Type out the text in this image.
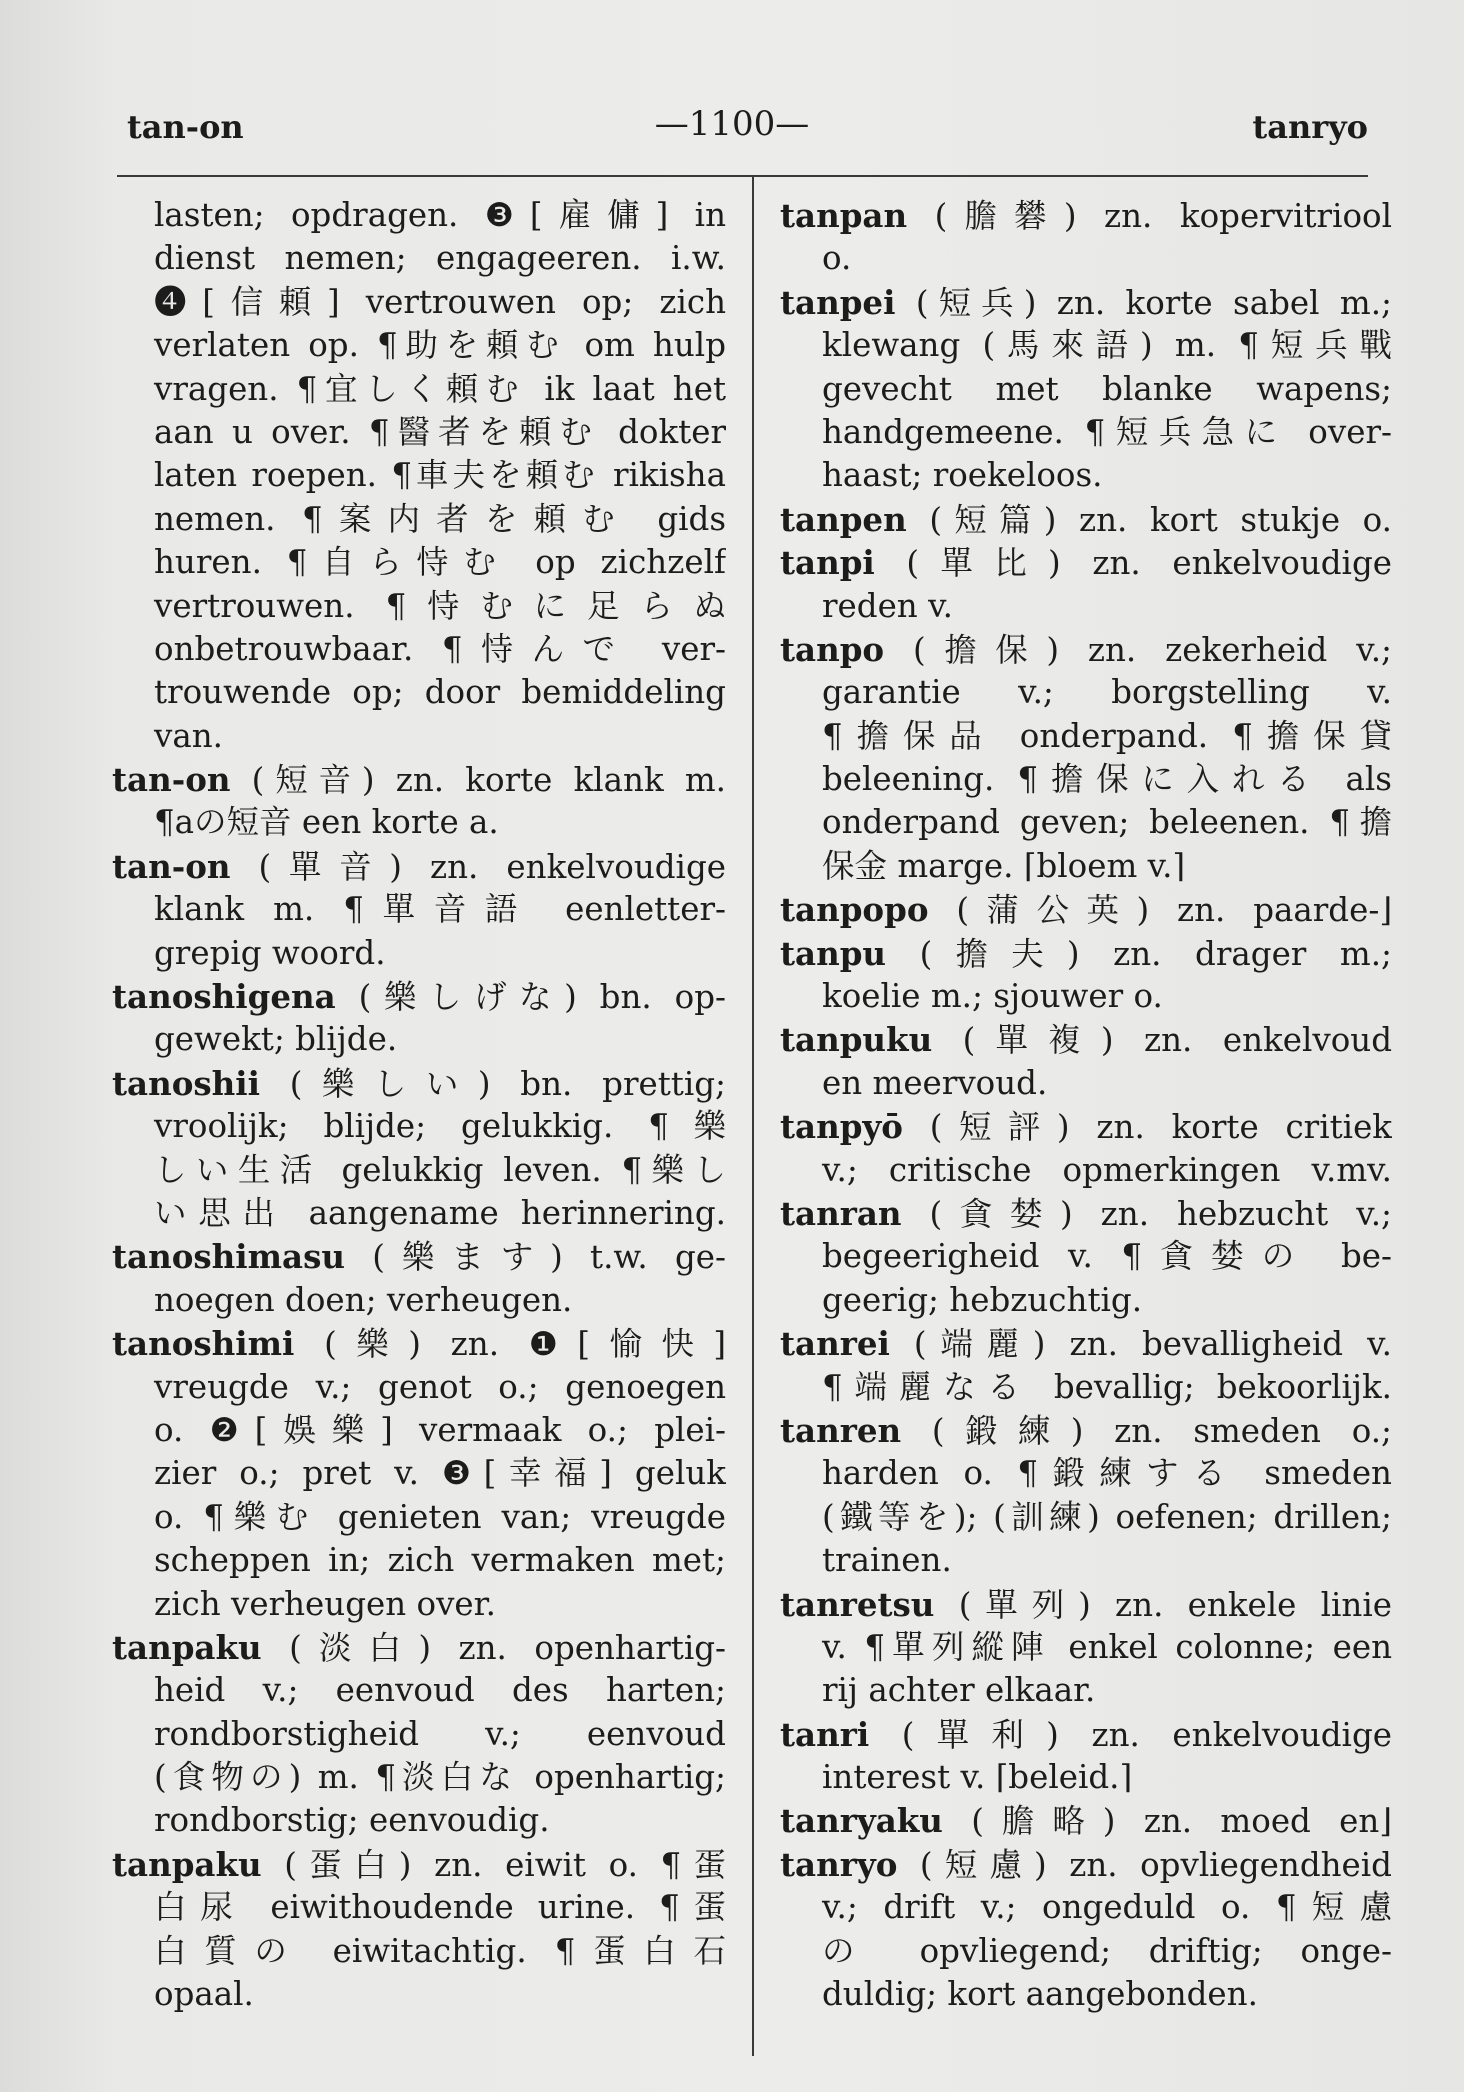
tan-on	—1100—	tanryo
lasten; opdragen. ❸[雇傭] in
dienst nemen; engageeren. i.w.
❹[信頼] vertrouwen op; zich
verlaten op. ¶助を頼む om hulp
vragen. ¶宜しく頼む ik laat het
aan u over. ¶醫者を頼む dokter
laten roepen. ¶車夫を頼む rikisha
nemen. ¶案内者を頼む gids
huren. ¶自ら恃む op zichzelf
vertrouwen. ¶恃むに足らぬ
onbetrouwbaar. ¶恃んで ver-
trouwende op; door bemiddeling
van.
tan-on (短音) zn. korte klank m.
¶aの短音 een korte a.
tan-on (單音) zn. enkelvoudige
klank m. ¶單音語 eenletter-
grepig woord.
tanoshigena (樂しげな) bn. op-
gewekt; blijde.
tanoshii (樂しい) bn. prettig;
vroolijk; blijde; gelukkig. ¶樂
しい生活 gelukkig leven. ¶樂し
い思出 aangename herinnering.
tanoshimasu (樂ます) t.w. ge-
noegen doen; verheugen.
tanoshimi (樂) zn. ❶[愉快]
vreugde v.; genot o.; genoegen
o. ❷[娛樂] vermaak o.; plei-
zier o.; pret v. ❸[幸福] geluk
o. ¶樂む genieten van; vreugde
scheppen in; zich vermaken met;
zich verheugen over.
tanpaku (淡白) zn. openhartig-
heid v.; eenvoud des harten;
rondborstigheid v.; eenvoud
(食物の) m. ¶淡白な openhartig;
rondborstig; eenvoudig.
tanpaku (蛋白) zn. eiwit o. ¶蛋
白尿 eiwithoudende urine. ¶蛋
白質の eiwitachtig. ¶蛋白石
opaal.
tanpan (膽礬) zn. kopervitriool
o.
tanpei (短兵) zn. korte sabel m.;
klewang (馬來語) m. ¶短兵戰
gevecht met blanke wapens;
handgemeene. ¶短兵急に over-
haast; roekeloos.
tanpen (短篇) zn. kort stukje o.
tanpi (單比) zn. enkelvoudige
reden v.
tanpo (擔保) zn. zekerheid v.;
garantie v.; borgstelling v.
¶擔保品 onderpand. ¶擔保貸
beleening. ¶擔保に入れる als
onderpand geven; beleenen. ¶擔
保金 marge. ⌈bloem v.⌉
tanpopo (蒲公英) zn. paarde-⌋
tanpu (擔夫) zn. drager m.;
koelie m.; sjouwer o.
tanpuku (單複) zn. enkelvoud
en meervoud.
tanpyō (短評) zn. korte critiek
v.; critische opmerkingen v.mv.
tanran (貪婪) zn. hebzucht v.;
begeerigheid v. ¶貪婪の be-
geerig; hebzuchtig.
tanrei (端麗) zn. bevalligheid v.
¶端麗なる bevallig; bekoorlijk.
tanren (鍛練) zn. smeden o.;
harden o. ¶鍛練する smeden
(鐵等を); (訓練) oefenen; drillen;
trainen.
tanretsu (單列) zn. enkele linie
v. ¶單列縱陣 enkel colonne; een
rij achter elkaar.
tanri (單利) zn. enkelvoudige
interest v. ⌈beleid.⌉
tanryaku (膽略) zn. moed en⌋
tanryo (短慮) zn. opvliegendheid
v.; drift v.; ongeduld o. ¶短慮
の opvliegend; driftig; onge-
duldig; kort aangebonden.
